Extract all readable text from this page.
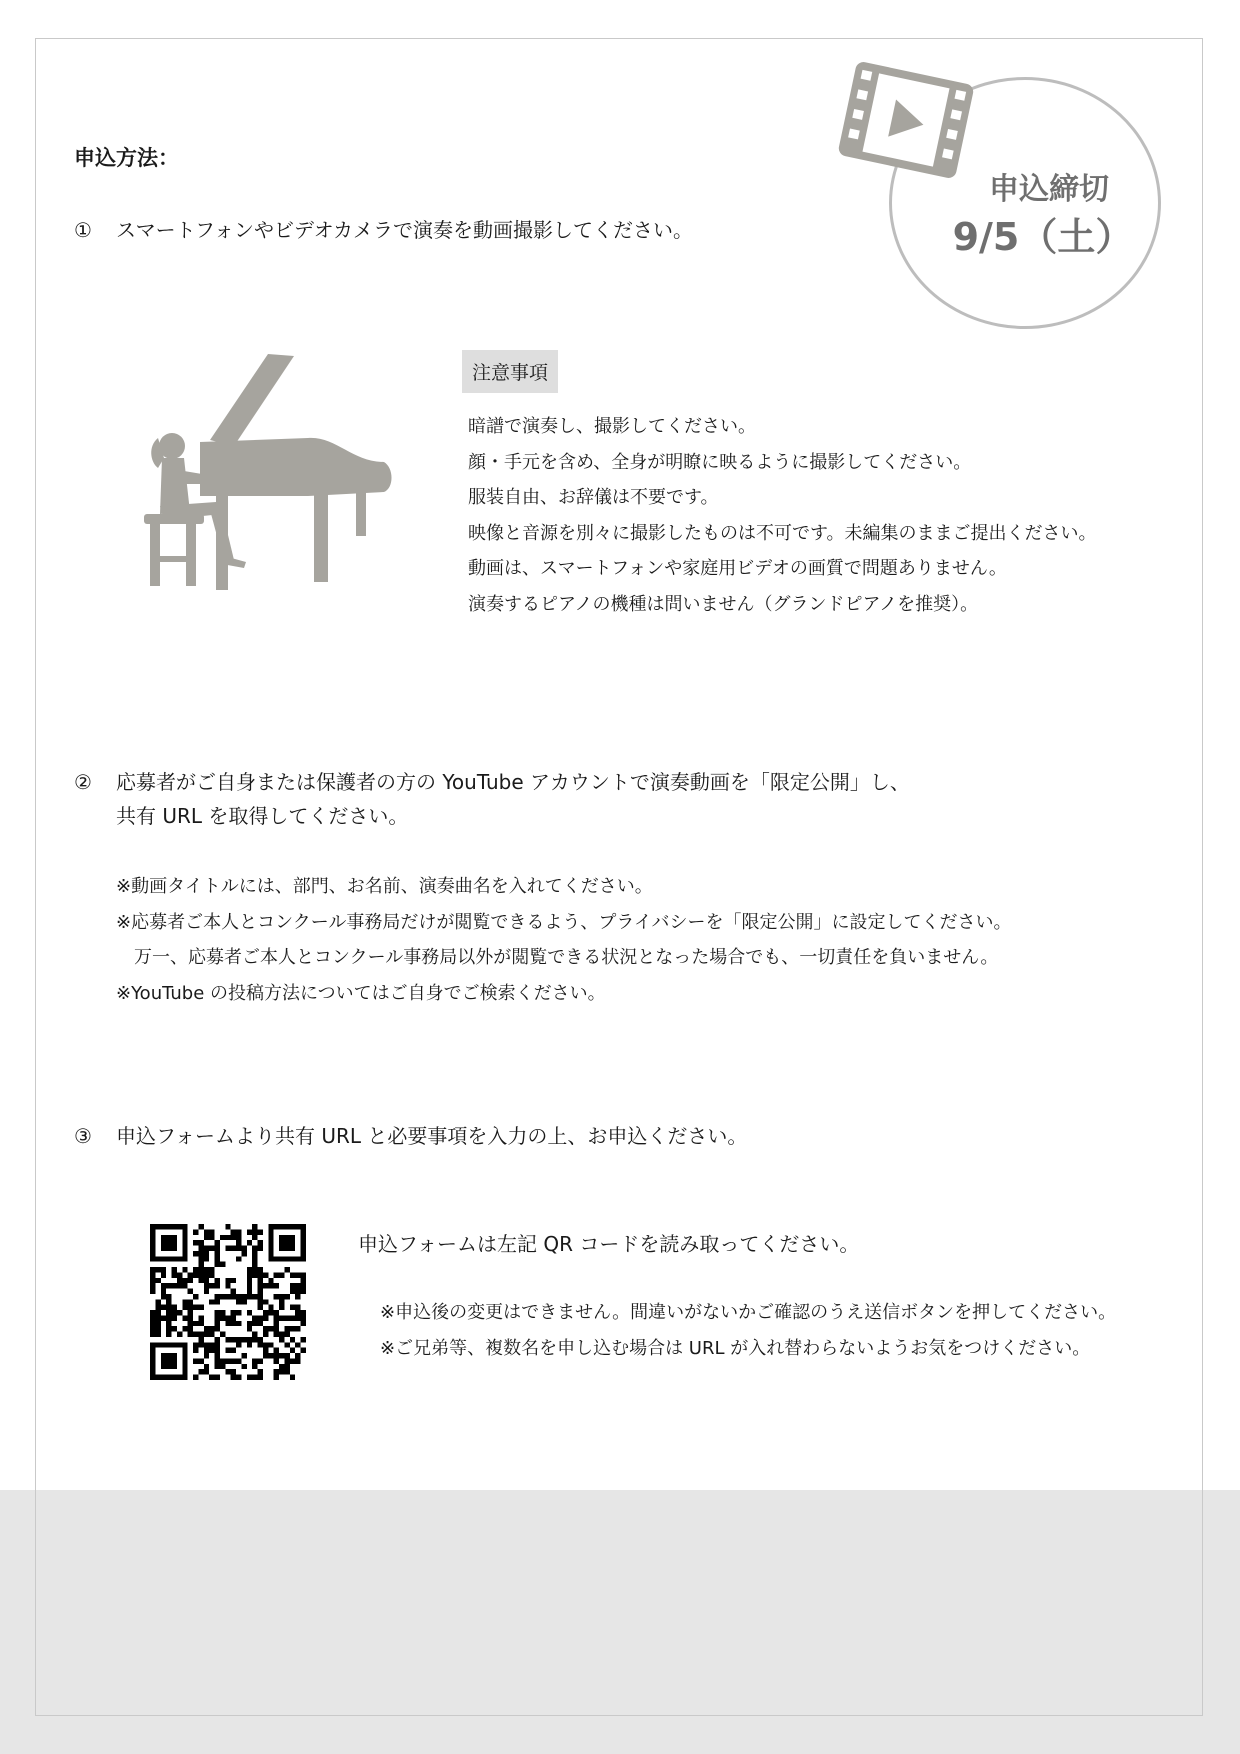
申込締切
9/5（土）
申込方法：
① スマートフォンやビデオカメラで演奏を動画撮影してください。
注意事項
暗譜で演奏し、撮影してください。
顔・手元を含め、全身が明瞭に映るように撮影してください。
服装自由、お辞儀は不要です。
映像と音源を別々に撮影したものは不可です。未編集のままご提出ください。
動画は、スマートフォンや家庭用ビデオの画質で問題ありません。
演奏するピアノの機種は問いません（グランドピアノを推奨）。
② 応募者がご自身または保護者の方の YouTube アカウントで演奏動画を「限定公開」し、
共有 URL を取得してください。
※動画タイトルには、部門、お名前、演奏曲名を入れてください。
※応募者ご本人とコンクール事務局だけが閲覧できるよう、プライバシーを「限定公開」に設定してください。
　万一、応募者ご本人とコンクール事務局以外が閲覧できる状況となった場合でも、一切責任を負いません。
※YouTube の投稿方法についてはご自身でご検索ください。
③ 申込フォームより共有 URL と必要事項を入力の上、お申込ください。
申込フォームは左記 QR コードを読み取ってください。
※申込後の変更はできません。間違いがないかご確認のうえ送信ボタンを押してください。
※ご兄弟等、複数名を申し込む場合は URL が入れ替わらないようお気をつけください。
